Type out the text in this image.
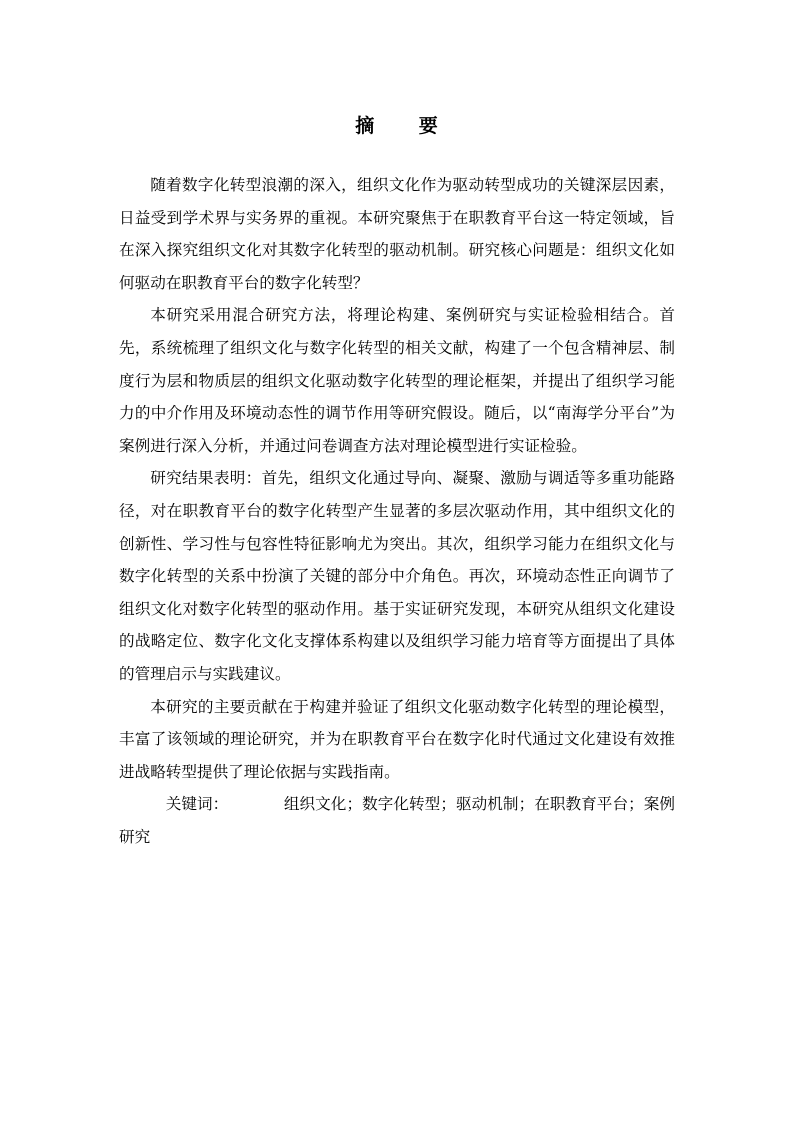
摘 要

随着数字化转型浪潮的深入，组织文化作为驱动转型成功的关键深层因素，日益受到学术界与实务界的重视。本研究聚焦于在职教育平台这一特定领域，旨在深入探究组织文化对其数字化转型的驱动机制。研究核心问题是：组织文化如何驱动在职教育平台的数字化转型？

本研究采用混合研究方法，将理论构建、案例研究与实证检验相结合。首先，系统梳理了组织文化与数字化转型的相关文献，构建了一个包含精神层、制度行为层和物质层的组织文化驱动数字化转型的理论框架，并提出了组织学习能力的中介作用及环境动态性的调节作用等研究假设。随后，以“南海学分平台”为案例进行深入分析，并通过问卷调查方法对理论模型进行实证检验。

研究结果表明：首先，组织文化通过导向、凝聚、激励与调适等多重功能路径，对在职教育平台的数字化转型产生显著的多层次驱动作用，其中组织文化的创新性、学习性与包容性特征影响尤为突出。其次，组织学习能力在组织文化与数字化转型的关系中扮演了关键的部分中介角色。再次，环境动态性正向调节了组织文化对数字化转型的驱动作用。基于实证研究发现，本研究从组织文化建设的战略定位、数字化文化支撑体系构建以及组织学习能力培育等方面提出了具体的管理启示与实践建议。

本研究的主要贡献在于构建并验证了组织文化驱动数字化转型的理论模型，丰富了该领域的理论研究，并为在职教育平台在数字化时代通过文化建设有效推进战略转型提供了理论依据与实践指南。

关键词：	组织文化；数字化转型；驱动机制；在职教育平台；案例研究
